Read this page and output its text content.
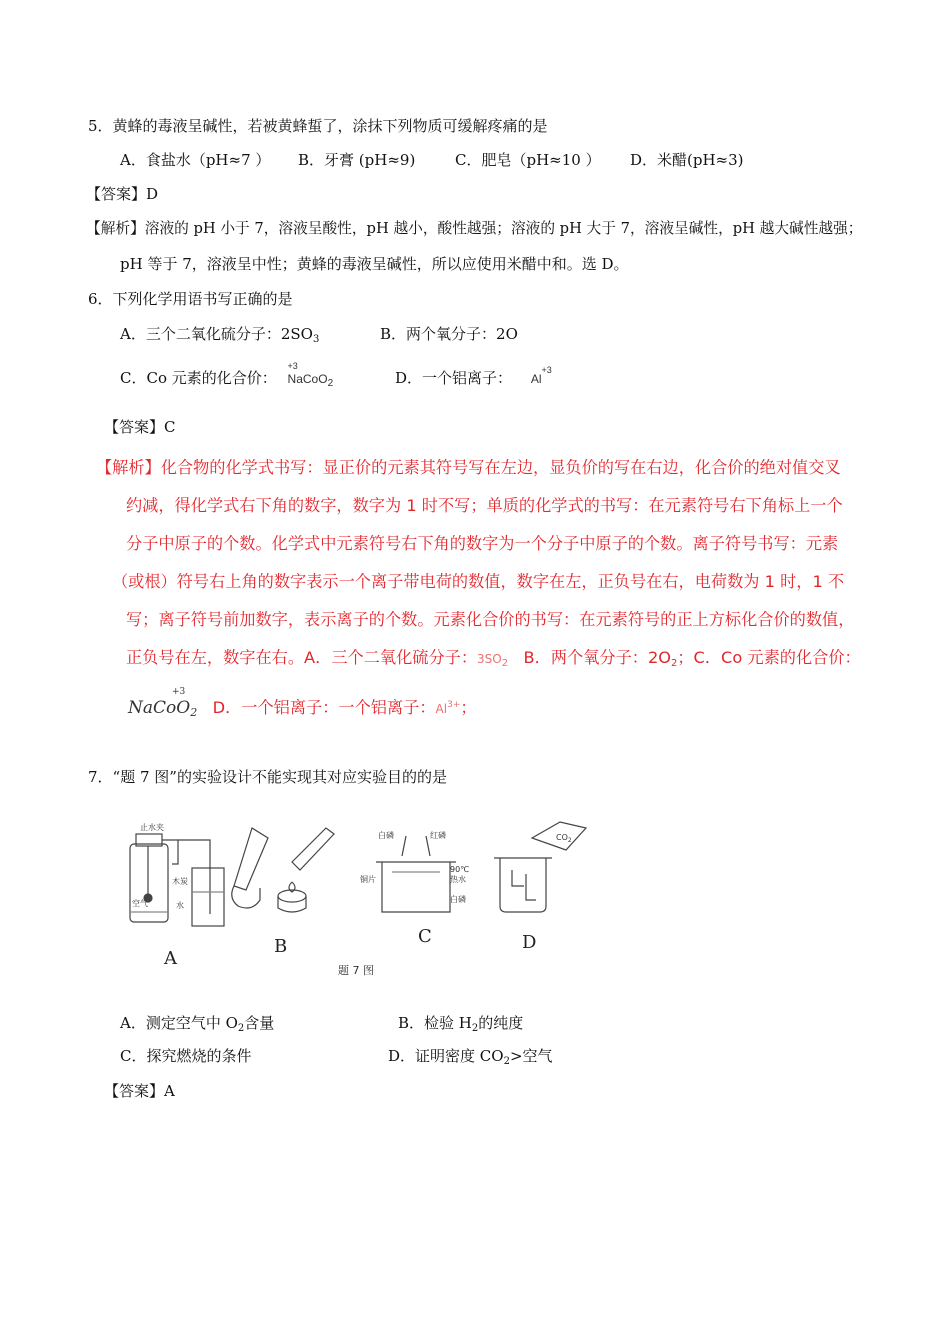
5．黄蜂的毒液呈碱性，若被黄蜂蜇了，涂抹下列物质可缓解疼痛的是
A．食盐水（pH≈7 ） B．牙膏 (pH≈9)	C．肥皂（pH≈10 ） D．米醋(pH≈3)
【答案】D
【解析】溶液的 pH 小于 7，溶液呈酸性，pH 越小，酸性越强；溶液的 pH 大于 7，溶液呈碱性，pH 越大碱性越强；
pH 等于 7，溶液呈中性；黄蜂的毒液呈碱性，所以应使用米醋中和。选 D。
6．下列化学用语书写正确的是
A．三个二氧化硫分子：$2SO_3$	B．两个氧分子：2O
C．Co 元素的化合价：
+3
NaCoO$_2$	D．一个铝离子： $Al^{+3}$
【答案】C
【解析】化合物的化学式书写：显正价的元素其符号写在左边，显负价的写在右边，化合价的绝对值交叉
约减，得化学式右下角的数字，数字为 1 时不写；单质的化学式的书写：在元素符号右下角标上一个
分子中原子的个数。化学式中元素符号右下角的数字为一个分子中原子的个数。离子符号书写：元素
（或根）符号右上角的数字表示一个离子带电荷的数值，数字在左，正负号在右，电荷数为 1 时，1 不
写；离子符号前加数字，表示离子的个数。元素化合价的书写：在元素符号的正上方标化合价的数值，
正负号在左，数字在右。A．三个二氧化硫分子：$3SO_2$ B．两个氧分子：$2O_2$；C．Co 元素的化合价：
+3
NaCoO$_2$ D．一个铝离子：一个铝离子：$Al^{3+}$；
7．“题 7 图”的实验设计不能实现其对应实验目的的是
止水夹
木炭
空气	水
白磷	红磷
90℃
热水
铜片
白磷
$CO_2$
A
B	C	D
题 7 图
A．测定空气中 $O_2$含量	B．检验 $H_2$的纯度
C．探究燃烧的条件	D．证明密度 $CO_2>$空气
【答案】A
